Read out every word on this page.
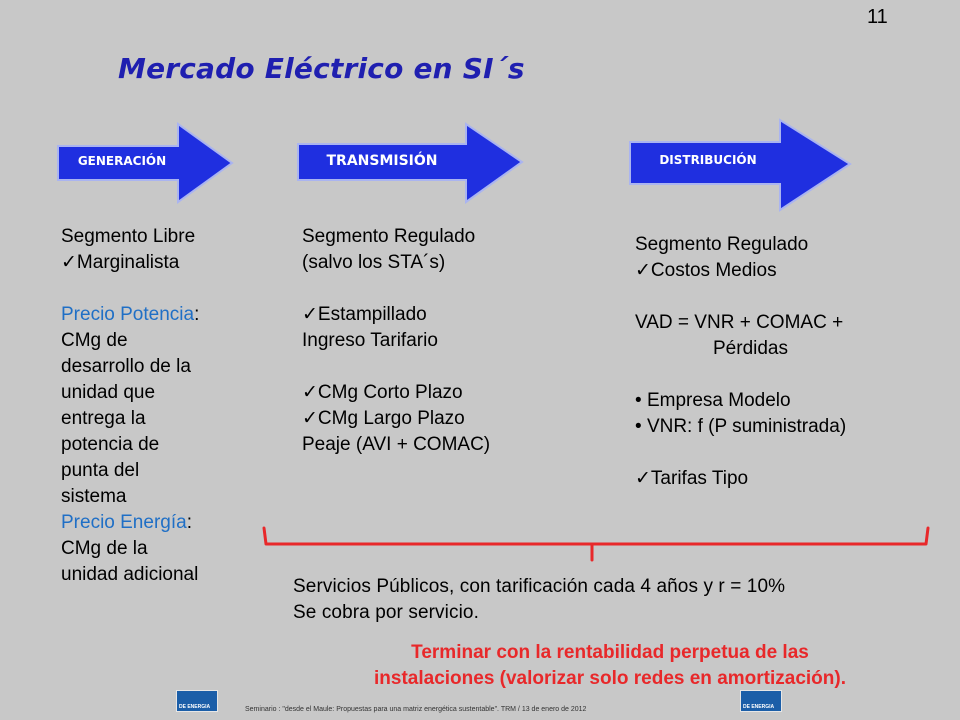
11
Mercado Eléctrico en SI´s
GENERACIÓN	TRANSMISIÓN	DISTRIBUCIÓN
Segmento Libre
✓Marginalista
Precio Potencia:
CMg de
desarrollo de la
unidad que
entrega la
potencia de
punta del
sistema
Precio Energía:
CMg de la
unidad adicional
Segmento Regulado
(salvo los STA´s)
✓Estampillado
Ingreso Tarifario
✓CMg Corto Plazo
✓CMg Largo Plazo
Peaje (AVI + COMAC)
Segmento Regulado
✓Costos Medios
VAD = VNR + COMAC +
Pérdidas
• Empresa Modelo
• VNR: f (P suministrada)
✓Tarifas Tipo
Servicios Públicos, con tarificación cada 4 años y r = 10%
Se cobra por servicio.
Terminar con la rentabilidad perpetua de las
instalaciones (valorizar solo redes en amortización).
DE ENERGIA	Seminario : "desde el Maule: Propuestas para una matriz energética sustentable". TRM / 13 de enero de 2012	DE ENERGIA
